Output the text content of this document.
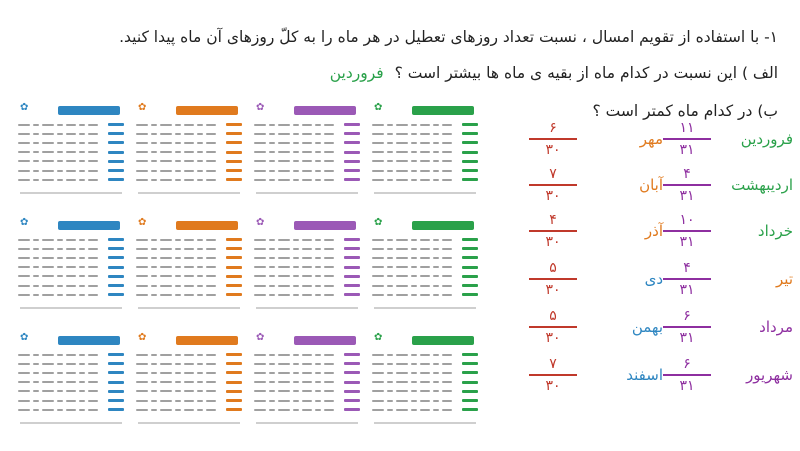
۱- با استفاده از تقویم امسال ، نسبت تعداد روزهای تعطیل در هر ماه را به کلّ روزهای آن ماه پیدا کنید.
الف ) این نسبت در کدام ماه از بقیه ی ماه ها بیشتر است ؟ فروردین
ب) در کدام ماه کمتر است ؟
✿
✿
✿
✿
✿
✿
✿
✿
✿
✿
✿
✿
فروردین
۱۱
۳۱
اردیبهشت
۴
۳۱
خرداد
۱۰
۳۱
تیر
۴
۳۱
مرداد
۶
۳۱
شهریور
۶
۳۱
مهر
۶
۳۰
آبان
۷
۳۰
آذر
۴
۳۰
دی
۵
۳۰
بهمن
۵
۳۰
اسفند
۷
۳۰
